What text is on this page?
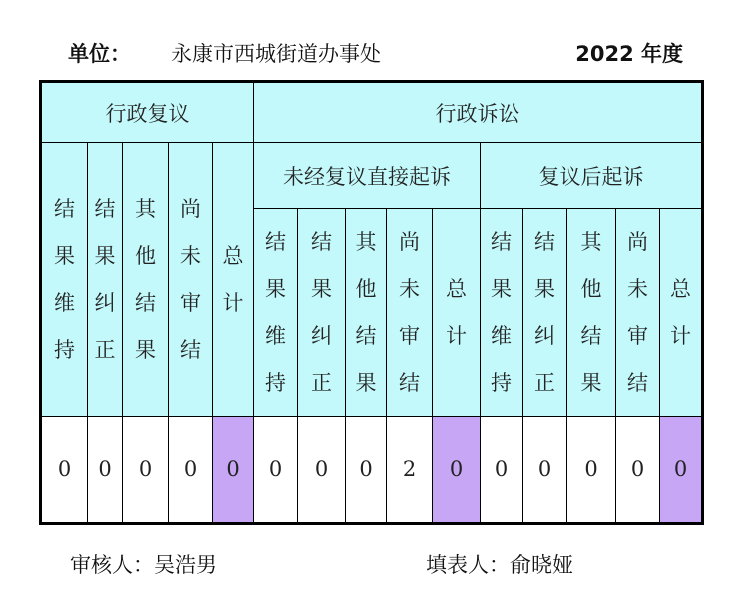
单位： 永康市西城街道办事处	2022 年度
行政复议					行政诉讼									

结果维持	结果纠正	其他结果	尚未审结	总计	未经复议直接起诉					复议后起诉				

					结果维持	结果纠正	其他结果	尚未审结	总计	结果维持	结果纠正	其他结果	尚未审结	总计

0	0	0	0	0	0	0	0	2	0	0	0	0	0	0
审核人：吴浩男	填表人：俞晓娅
